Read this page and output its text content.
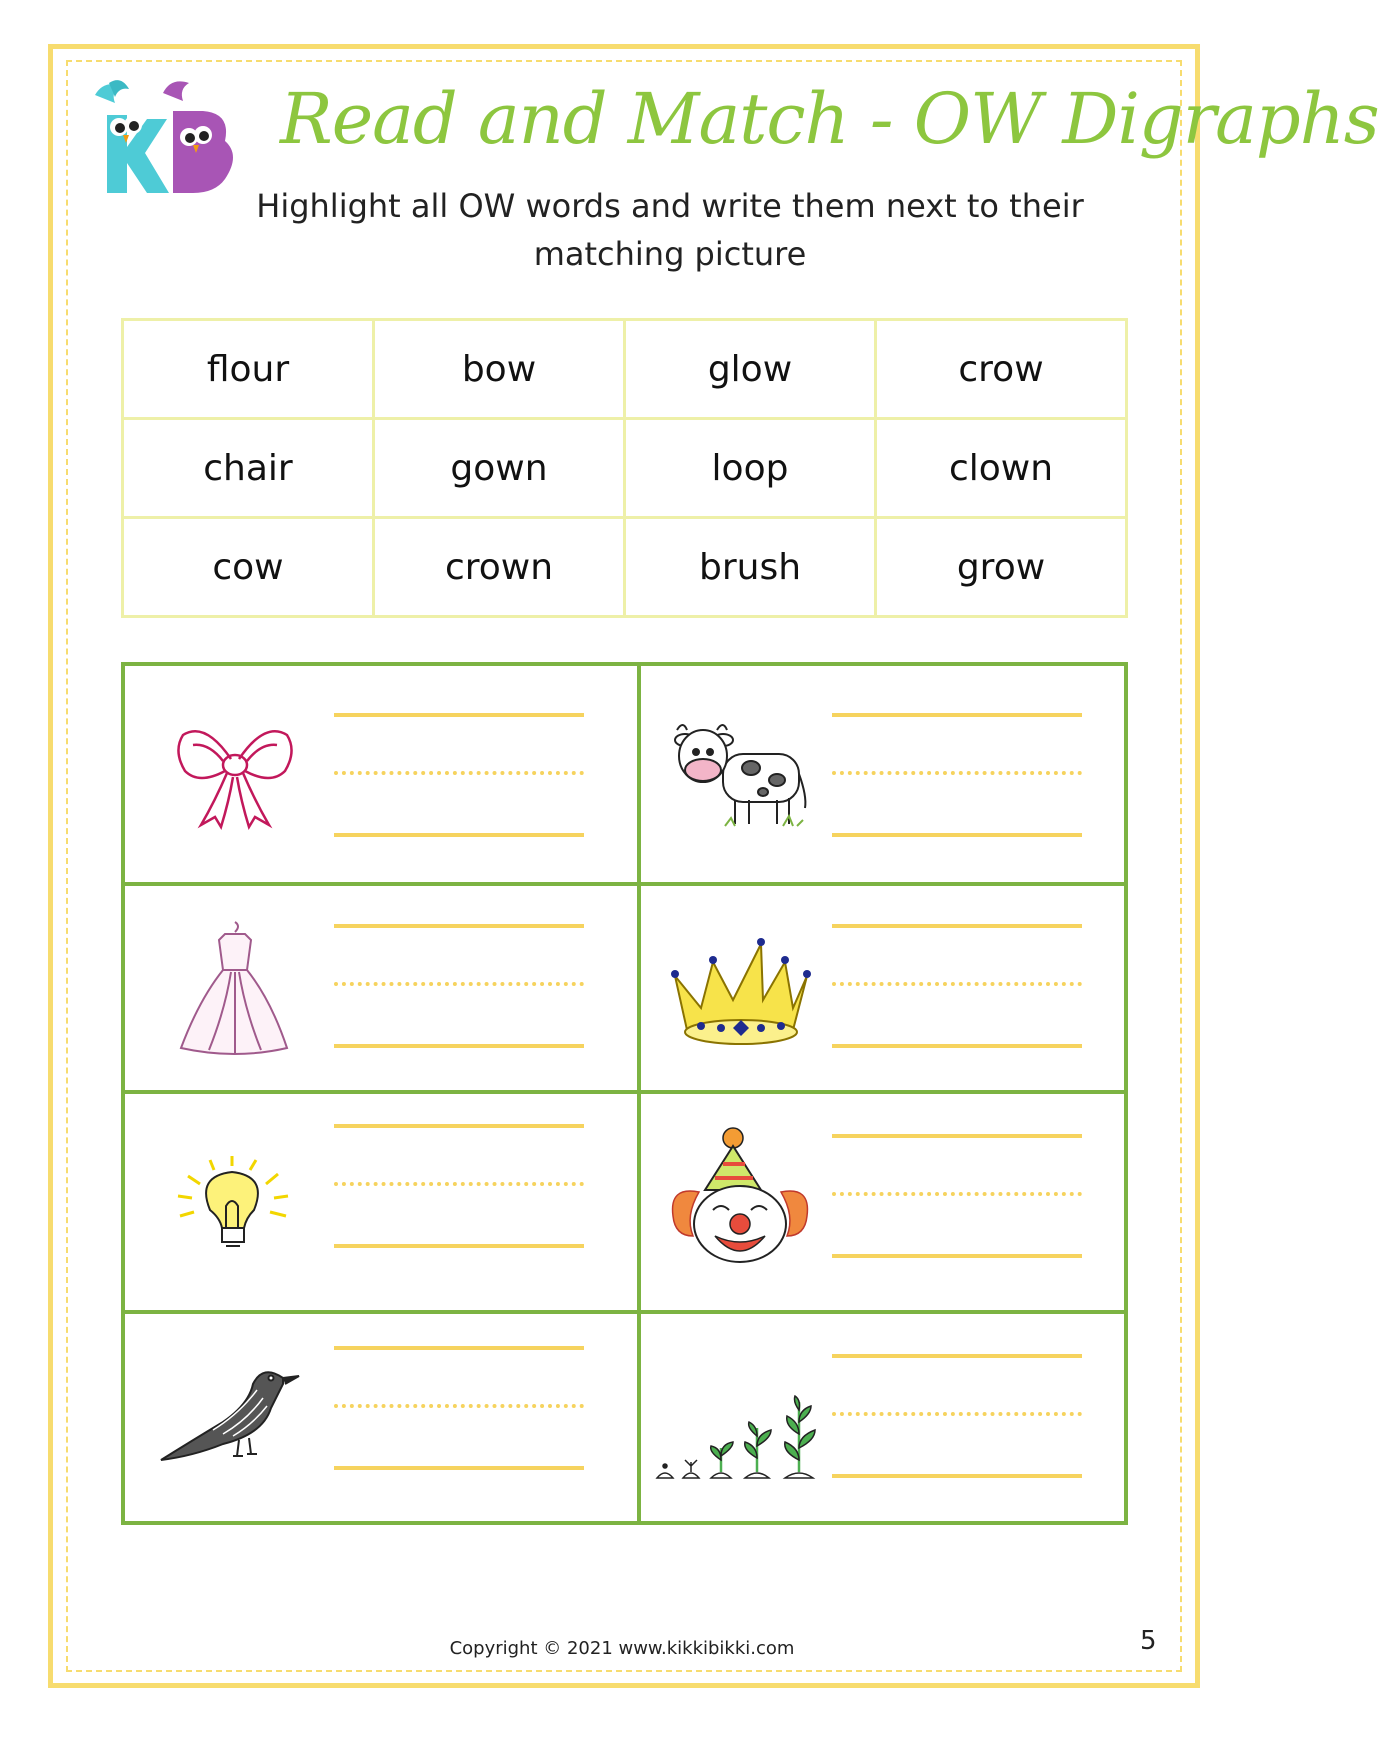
Read and Match - OW Digraphs
Highlight all OW words and write them next to their matching picture
flour	bow	glow	crow
chair	gown	loop	clown
cow	crown	brush	grow
Copyright © 2021 www.kikkibikki.com	5
